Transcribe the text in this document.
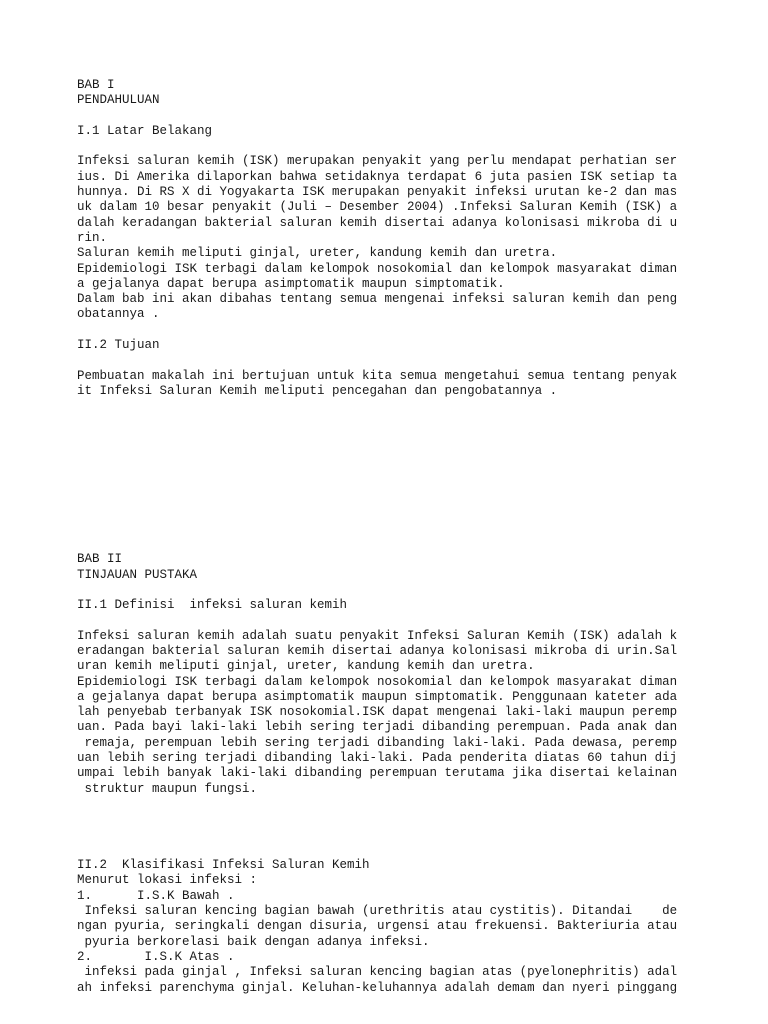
BAB I
PENDAHULUAN
I.1 Latar Belakang
Infeksi saluran kemih (ISK) merupakan penyakit yang perlu mendapat perhatian ser
ius. Di Amerika dilaporkan bahwa setidaknya terdapat 6 juta pasien ISK setiap ta
hunnya. Di RS X di Yogyakarta ISK merupakan penyakit infeksi urutan ke-2 dan mas
uk dalam 10 besar penyakit (Juli – Desember 2004) .Infeksi Saluran Kemih (ISK) a
dalah keradangan bakterial saluran kemih disertai adanya kolonisasi mikroba di u
rin.
Saluran kemih meliputi ginjal, ureter, kandung kemih dan uretra.
Epidemiologi ISK terbagi dalam kelompok nosokomial dan kelompok masyarakat diman
a gejalanya dapat berupa asimptomatik maupun simptomatik.
Dalam bab ini akan dibahas tentang semua mengenai infeksi saluran kemih dan peng
obatannya .
II.2 Tujuan
Pembuatan makalah ini bertujuan untuk kita semua mengetahui semua tentang penyak
it Infeksi Saluran Kemih meliputi pencegahan dan pengobatannya .
BAB II
TINJAUAN PUSTAKA
II.1 Definisi  infeksi saluran kemih
Infeksi saluran kemih adalah suatu penyakit Infeksi Saluran Kemih (ISK) adalah k
eradangan bakterial saluran kemih disertai adanya kolonisasi mikroba di urin.Sal
uran kemih meliputi ginjal, ureter, kandung kemih dan uretra.
Epidemiologi ISK terbagi dalam kelompok nosokomial dan kelompok masyarakat diman
a gejalanya dapat berupa asimptomatik maupun simptomatik. Penggunaan kateter ada
lah penyebab terbanyak ISK nosokomial.ISK dapat mengenai laki-laki maupun peremp
uan. Pada bayi laki-laki lebih sering terjadi dibanding perempuan. Pada anak dan
remaja, perempuan lebih sering terjadi dibanding laki-laki. Pada dewasa, peremp
uan lebih sering terjadi dibanding laki-laki. Pada penderita diatas 60 tahun dij
umpai lebih banyak laki-laki dibanding perempuan terutama jika disertai kelainan
struktur maupun fungsi.
II.2  Klasifikasi Infeksi Saluran Kemih
Menurut lokasi infeksi :
1.      I.S.K Bawah .
Infeksi saluran kencing bagian bawah (urethritis atau cystitis). Ditandai    de
ngan pyuria, seringkali dengan disuria, urgensi atau frekuensi. Bakteriuria atau
pyuria berkorelasi baik dengan adanya infeksi.
2.       I.S.K Atas .
infeksi pada ginjal , Infeksi saluran kencing bagian atas (pyelonephritis) adal
ah infeksi parenchyma ginjal. Keluhan-keluhannya adalah demam dan nyeri pinggang
